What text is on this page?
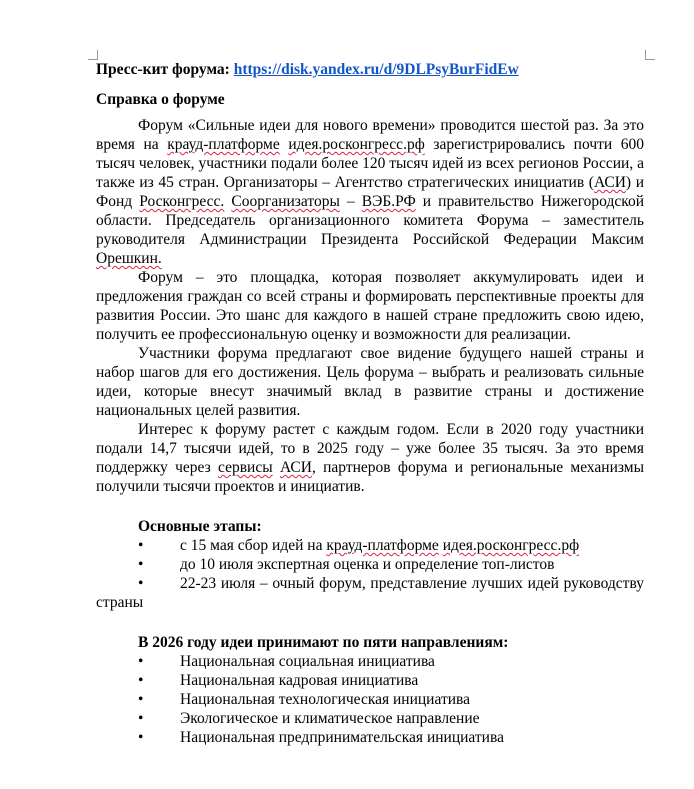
Пресс-кит форума: https://disk.yandex.ru/d/9DLPsyBurFidEw

Справка о форуме

Форум «Сильные идеи для нового времени» проводится шестой раз. За это время на крауд-платформе идея.росконгресс.рф зарегистрировались почти 600 тысяч человек, участники подали более 120 тысяч идей из всех регионов России, а также из 45 стран. Организаторы – Агентство стратегических инициатив (АСИ) и Фонд Росконгресс. Соорганизаторы – ВЭБ.РФ и правительство Нижегородской области. Председатель организационного комитета Форума – заместитель руководителя Администрации Президента Российской Федерации Максим Орешкин.

Форум – это площадка, которая позволяет аккумулировать идеи и предложения граждан со всей страны и формировать перспективные проекты для развития России. Это шанс для каждого в нашей стране предложить свою идею, получить ее профессиональную оценку и возможности для реализации.

Участники форума предлагают свое видение будущего нашей страны и набор шагов для его достижения. Цель форума – выбрать и реализовать сильные идеи, которые внесут значимый вклад в развитие страны и достижение национальных целей развития.

Интерес к форуму растет с каждым годом. Если в 2020 году участники подали 14,7 тысячи идей, то в 2025 году – уже более 35 тысяч. За это время поддержку через сервисы АСИ, партнеров форума и региональные механизмы получили тысячи проектов и инициатив.

Основные этапы:

• с 15 мая сбор идей на крауд-платформе идея.росконгресс.рф
• до 10 июля экспертная оценка и определение топ-листов
• 22-23 июля – очный форум, представление лучших идей руководству страны

В 2026 году идеи принимают по пяти направлениям:

• Национальная социальная инициатива
• Национальная кадровая инициатива
• Национальная технологическая инициатива
• Экологическое и климатическое направление
• Национальная предпринимательская инициатива
